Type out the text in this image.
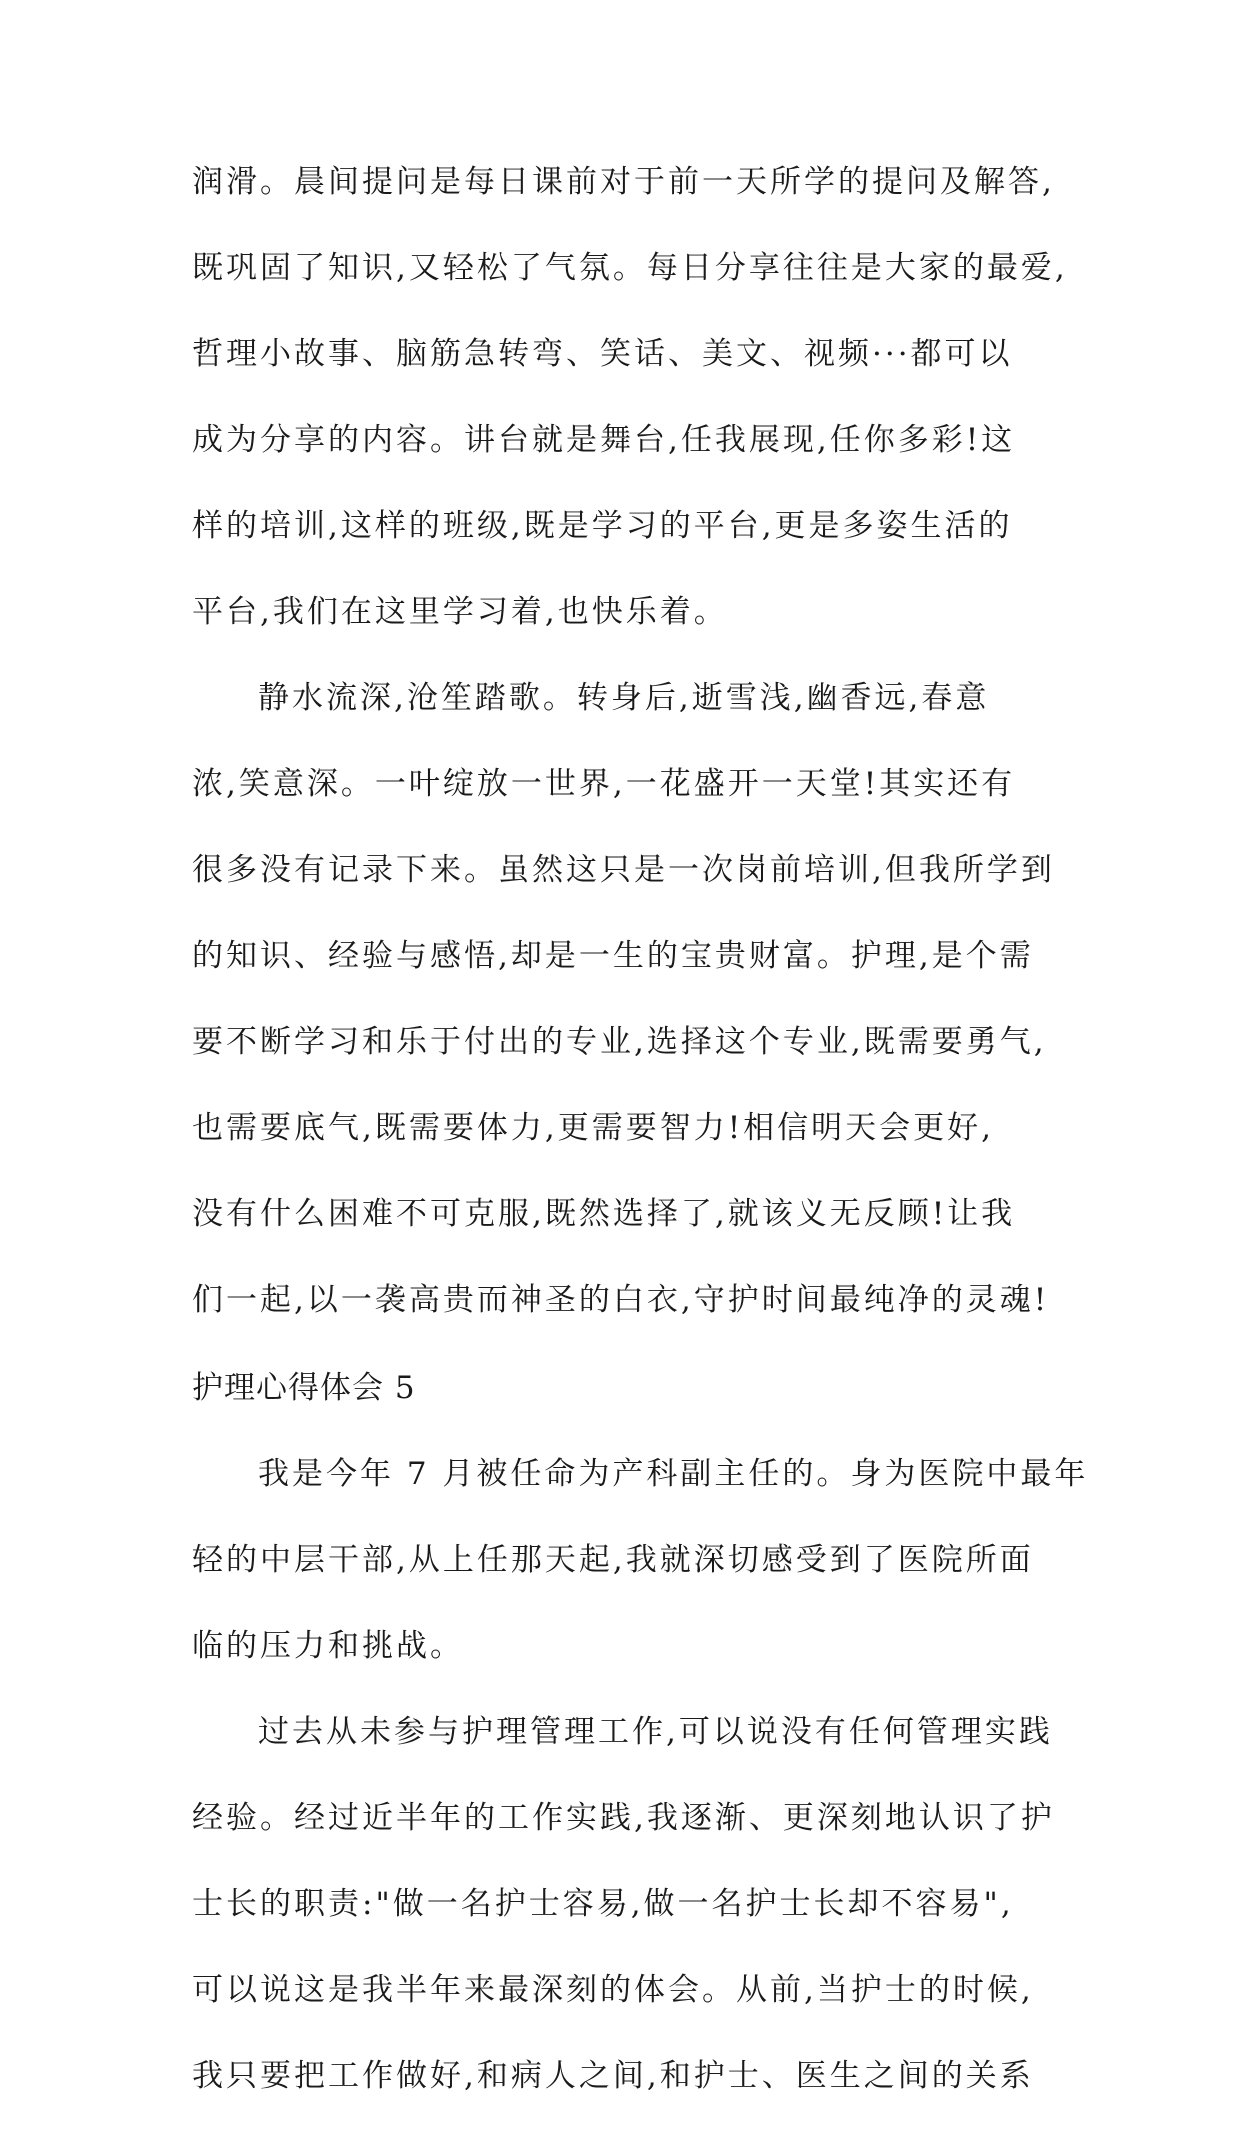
润滑。晨间提问是每日课前对于前一天所学的提问及解答,
既巩固了知识,又轻松了气氛。每日分享往往是大家的最爱,
哲理小故事、脑筋急转弯、笑话、美文、视频···都可以
成为分享的内容。讲台就是舞台,任我展现,任你多彩!这
样的培训,这样的班级,既是学习的平台,更是多姿生活的
平台,我们在这里学习着,也快乐着。
静水流深,沧笙踏歌。转身后,逝雪浅,幽香远,春意
浓,笑意深。一叶绽放一世界,一花盛开一天堂!其实还有
很多没有记录下来。虽然这只是一次岗前培训,但我所学到
的知识、经验与感悟,却是一生的宝贵财富。护理,是个需
要不断学习和乐于付出的专业,选择这个专业,既需要勇气,
也需要底气,既需要体力,更需要智力!相信明天会更好,
没有什么困难不可克服,既然选择了,就该义无反顾!让我
们一起,以一袭高贵而神圣的白衣,守护时间最纯净的灵魂!
护理心得体会 5
我是今年 7 月被任命为产科副主任的。身为医院中最年
轻的中层干部,从上任那天起,我就深切感受到了医院所面
临的压力和挑战。
过去从未参与护理管理工作,可以说没有任何管理实践
经验。经过近半年的工作实践,我逐渐、更深刻地认识了护
士长的职责:"做一名护士容易,做一名护士长却不容易",
可以说这是我半年来最深刻的体会。从前,当护士的时候,
我只要把工作做好,和病人之间,和护士、医生之间的关系
